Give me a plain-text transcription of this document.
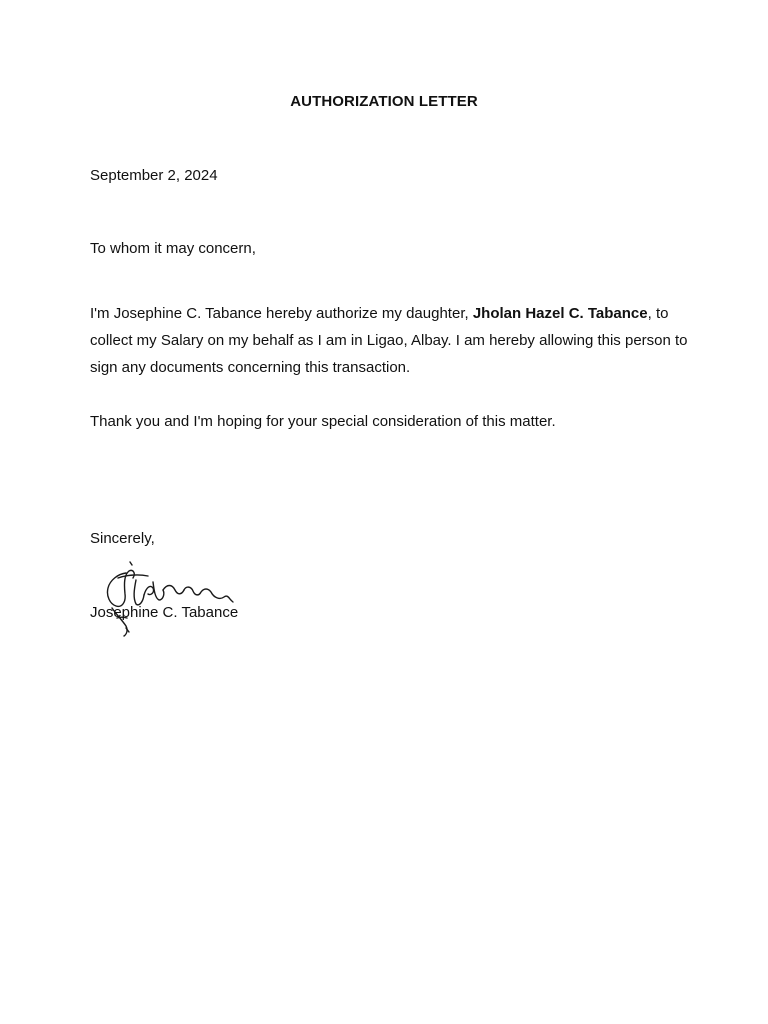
AUTHORIZATION LETTER
September 2, 2024
To whom it may concern,
I'm Josephine C. Tabance hereby authorize my daughter, Jholan Hazel C. Tabance, to collect my Salary on my behalf as I am in Ligao, Albay. I am hereby allowing this person to sign any documents concerning this transaction.
Thank you and I'm hoping for your special consideration of this matter.
Sincerely,
Josephine C. Tabance
